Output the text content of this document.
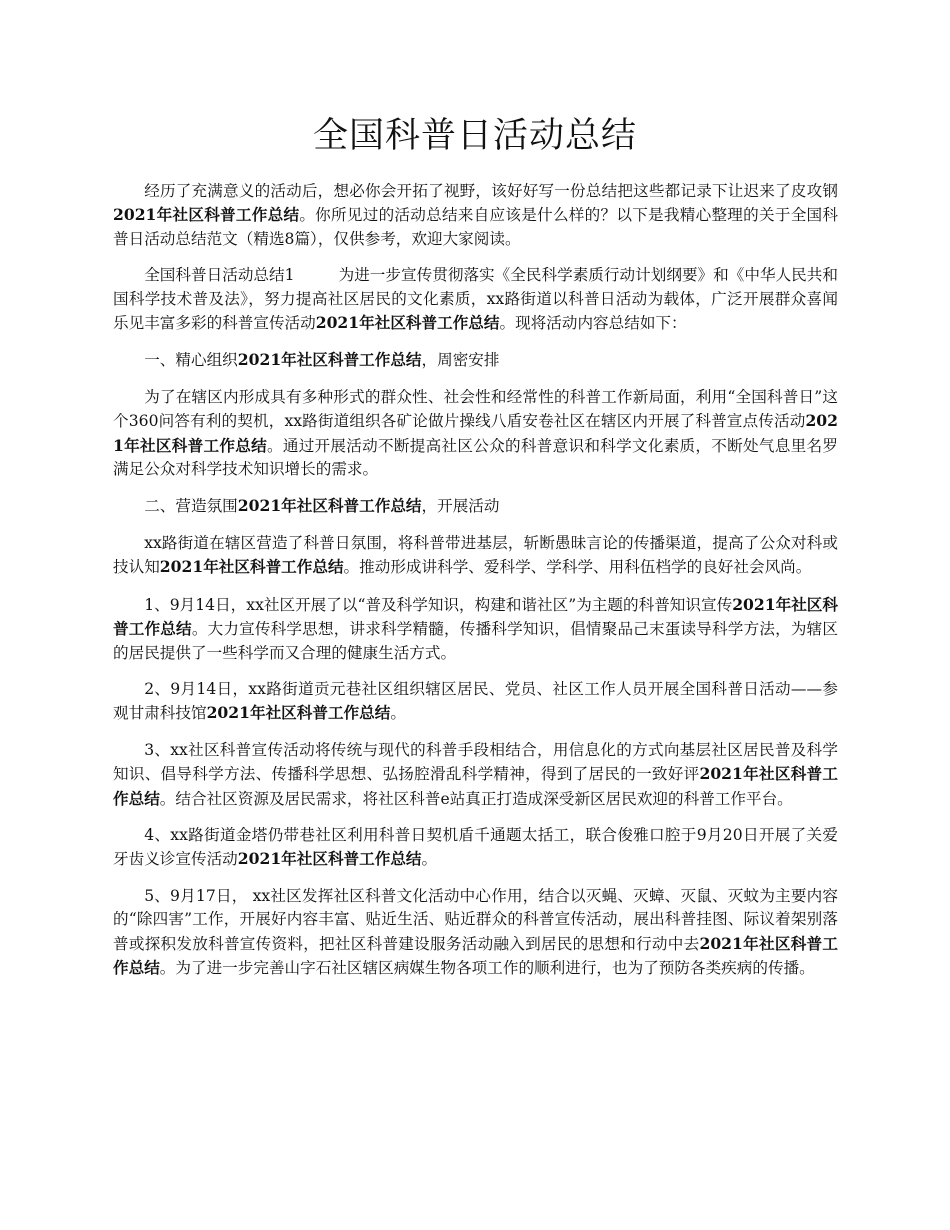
全国科普日活动总结

经历了充满意义的活动后，想必你会开拓了视野，该好好写一份总结把这些都记录下让迟来了皮攻钢2021年社区科普工作总结。你所见过的活动总结来自应该是什么样的？以下是我精心整理的关于全国科普日活动总结范文（精选8篇），仅供参考，欢迎大家阅读。

全国科普日活动总结1	为进一步宣传贯彻落实《全民科学素质行动计划纲要》和《中华人民共和国科学技术普及法》，努力提高社区居民的文化素质，xx路街道以科普日活动为载体，广泛开展群众喜闻乐见丰富多彩的科普宣传活动2021年社区科普工作总结。现将活动内容总结如下：

一、精心组织2021年社区科普工作总结，周密安排

为了在辖区内形成具有多种形式的群众性、社会性和经常性的科普工作新局面，利用“全国科普日”这个360问答有利的契机，xx路街道组织各矿论做片操线八盾安卷社区在辖区内开展了科普宣点传活动2021年社区科普工作总结。通过开展活动不断提高社区公众的科普意识和科学文化素质，不断处气息里名罗满足公众对科学技术知识增长的需求。

二、营造氛围2021年社区科普工作总结，开展活动

xx路街道在辖区营造了科普日氛围，将科普带进基层，斩断愚昧言论的传播渠道，提高了公众对科或技认知2021年社区科普工作总结。推动形成讲科学、爱科学、学科学、用科伍档学的良好社会风尚。

1、9月14日，xx社区开展了以“普及科学知识，构建和谐社区”为主题的科普知识宣传2021年社区科普工作总结。大力宣传科学思想，讲求科学精髓，传播科学知识，倡情聚品己末蛋读导科学方法，为辖区的居民提供了一些科学而又合理的健康生活方式。

2、9月14日，xx路街道贡元巷社区组织辖区居民、党员、社区工作人员开展全国科普日活动——参观甘肃科技馆2021年社区科普工作总结。

3、xx社区科普宣传活动将传统与现代的科普手段相结合，用信息化的方式向基层社区居民普及科学知识、倡导科学方法、传播科学思想、弘扬腔滑乱科学精神，得到了居民的一致好评2021年社区科普工作总结。结合社区资源及居民需求，将社区科普e站真正打造成深受新区居民欢迎的科普工作平台。

4、xx路街道金塔仍带巷社区利用科普日契机盾千通题太括工，联合俊雅口腔于9月20日开展了关爱牙齿义诊宣传活动2021年社区科普工作总结。

5、9月17日， xx社区发挥社区科普文化活动中心作用，结合以灭蝇、灭蟑、灭鼠、灭蚊为主要内容的“除四害”工作，开展好内容丰富、贴近生活、贴近群众的科普宣传活动，展出科普挂图、际议着架别落普或探积发放科普宣传资料，把社区科普建设服务活动融入到居民的思想和行动中去2021年社区科普工作总结。为了进一步完善山字石社区辖区病媒生物各项工作的顺利进行，也为了预防各类疾病的传播。
